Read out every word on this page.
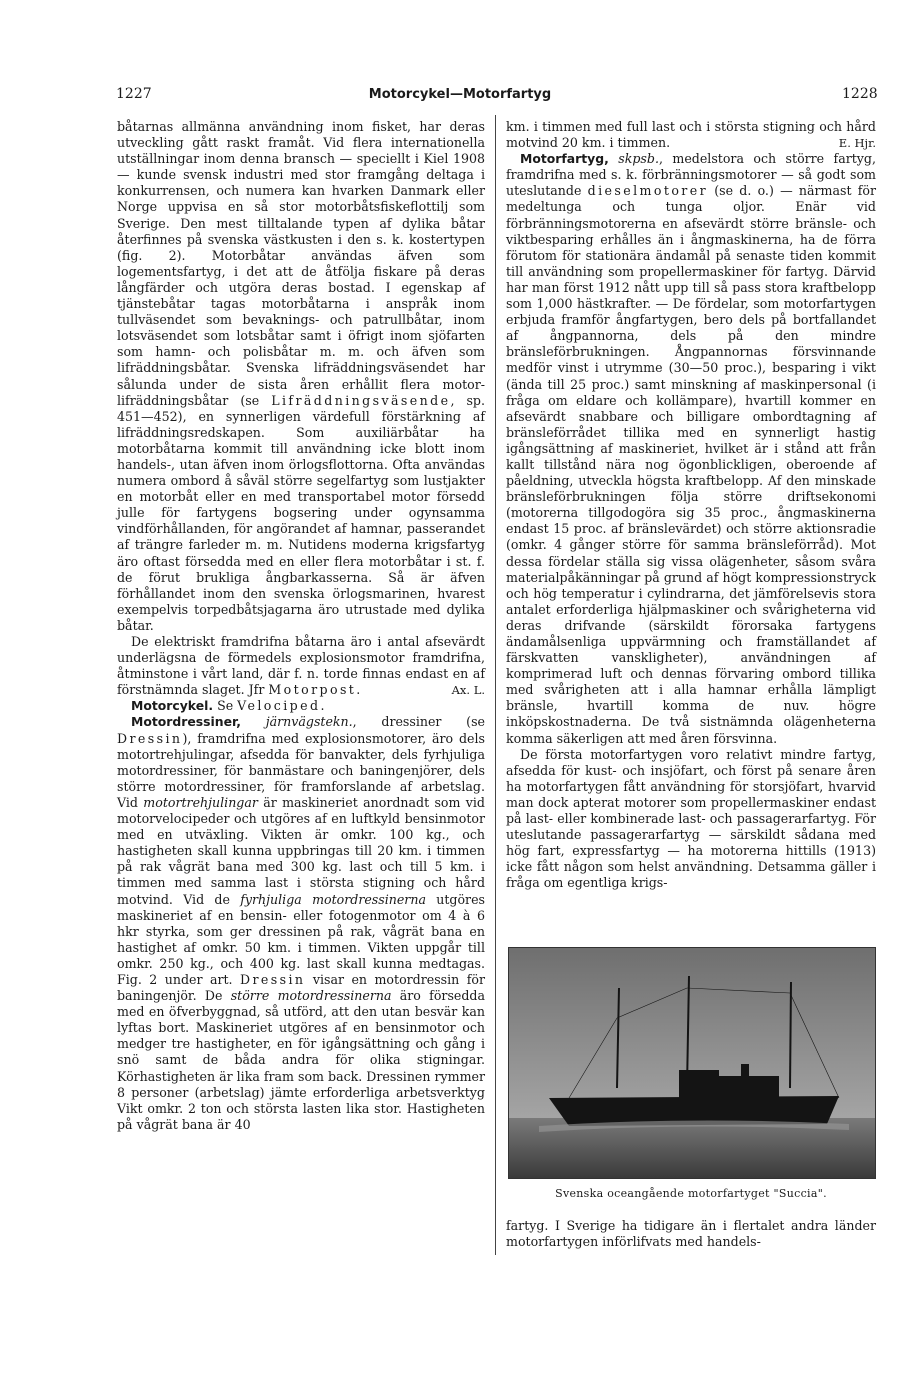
1227	Motorcykel—Motorfartyg	1228

båtarnas allmänna användning inom fisket, har deras utveckling gått raskt framåt. Vid flera internationella utställningar inom denna bransch — speciellt i Kiel 1908 — kunde svensk industri med stor framgång deltaga i konkurrensen, och numera kan hvarken Danmark eller Norge uppvisa en så stor motorbåtsfiskeflottilj som Sverige. Den mest tilltalande typen af dylika båtar återfinnes på svenska västkusten i den s. k. kostertypen (fig. 2). Motorbåtar användas äfven som logementsfartyg, i det att de åtfölja fiskare på deras långfärder och utgöra deras bostad. I egenskap af tjänstebåtar tagas motorbåtarna i anspråk inom tullväsendet som bevaknings- och patrullbåtar, inom lotsväsendet som lotsbåtar samt i öfrigt inom sjöfarten som hamn- och polisbåtar m. m. och äfven som lifräddningsbåtar. Svenska lifräddningsväsendet har sålunda under de sista åren erhållit flera motor-lifräddningsbåtar (se Lifräddningsväsende, sp. 451—452), en synnerligen värdefull förstärkning af lifräddningsredskapen. Som auxiliärbåtar ha motorbåtarna kommit till användning icke blott inom handels-, utan äfven inom örlogsflottorna. Ofta användas numera ombord å såväl större segelfartyg som lustjakter en motorbåt eller en med transportabel motor försedd julle för fartygens bogsering under ogynsamma vindförhållanden, för angörandet af hamnar, passerandet af trängre farleder m. m. Nutidens moderna krigsfartyg äro oftast försedda med en eller flera motorbåtar i st. f. de förut brukliga ångbarkasserna. Så är äfven förhållandet inom den svenska örlogsmarinen, hvarest exempelvis torpedbåtsjagarna äro utrustade med dylika båtar.

De elektriskt framdrifna båtarna äro i antal afsevärdt underlägsna de förmedels explosionsmotor framdrifna, åtminstone i vårt land, där f. n. torde finnas endast en af förstnämnda slaget. Jfr Motorpost.	Ax. L.

Motorcykel. Se Velociped.

Motordressiner, järnvägstekn., dressiner (se Dressin), framdrifna med explosionsmotorer, äro dels motortrehjulingar, afsedda för banvakter, dels fyrhjuliga motordressiner, för banmästare och baningenjörer, dels större motordressiner, för framforslande af arbetslag. Vid motortrehjulingar är maskineriet anordnadt som vid motorvelocipeder och utgöres af en luftkyld bensinmotor med en utväxling. Vikten är omkr. 100 kg., och hastigheten skall kunna uppbringas till 20 km. i timmen på rak vågrät bana med 300 kg. last och till 5 km. i timmen med samma last i största stigning och hård motvind. Vid de fyrhjuliga motordressinerna utgöres maskineriet af en bensin- eller fotogenmotor om 4 à 6 hkr styrka, som ger dressinen på rak, vågrät bana en hastighet af omkr. 50 km. i timmen. Vikten uppgår till omkr. 250 kg., och 400 kg. last skall kunna medtagas. Fig. 2 under art. Dressin visar en motordressin för baningenjör. De större motordressinerna äro försedda med en öfverbyggnad, så utförd, att den utan besvär kan lyftas bort. Maskineriet utgöres af en bensinmotor och medger tre hastigheter, en för igångsättning och gång i snö samt de båda andra för olika stigningar. Körhastigheten är lika fram som back. Dressinen rymmer 8 personer (arbetslag) jämte erforderliga arbetsverktyg Vikt omkr. 2 ton och största lasten lika stor. Hastigheten på vågrät bana är 40

km. i timmen med full last och i största stigning och hård motvind 20 km. i timmen.	E. Hjr.

Motorfartyg, skpsb., medelstora och större fartyg, framdrifna med s. k. förbränningsmotorer — så godt som uteslutande dieselmotorer (se d. o.) — närmast för medeltunga och tunga oljor. Enär vid förbränningsmotorerna en afsevärdt större bränsle- och viktbesparing erhålles än i ångmaskinerna, ha de förra förutom för stationära ändamål på senaste tiden kommit till användning som propellermaskiner för fartyg. Därvid har man först 1912 nått upp till så pass stora kraftbelopp som 1,000 hästkrafter. — De fördelar, som motorfartygen erbjuda framför ångfartygen, bero dels på bortfallandet af ångpannorna, dels på den mindre bränsleförbrukningen. Ångpannornas försvinnande medför vinst i utrymme (30—50 proc.), besparing i vikt (ända till 25 proc.) samt minskning af maskinpersonal (i fråga om eldare och kollämpare), hvartill kommer en afsevärdt snabbare och billigare ombordtagning af bränsleförrådet tillika med en synnerligt hastig igångsättning af maskineriet, hvilket är i stånd att från kallt tillstånd nära nog ögonblickligen, oberoende af påeldning, utveckla högsta kraftbelopp. Af den minskade bränsleförbrukningen följa större driftsekonomi (motorerna tillgodogöra sig 35 proc., ångmaskinerna endast 15 proc. af bränslevärdet) och större aktionsradie (omkr. 4 gånger större för samma bränsleförråd). Mot dessa fördelar ställa sig vissa olägenheter, såsom svåra materialpåkänningar på grund af högt kompressionstryck och hög temperatur i cylindrarna, det jämförelsevis stora antalet erforderliga hjälpmaskiner och svårigheterna vid deras drifvande (särskildt förorsaka fartygens ändamålsenliga uppvärmning och framställandet af färskvatten vanskligheter), användningen af komprimerad luft och dennas förvaring ombord tillika med svårigheten att i alla hamnar erhålla lämpligt bränsle, hvartill komma de nuv. högre inköpskostnaderna. De två sistnämnda olägenheterna komma säkerligen att med åren försvinna.

De första motorfartygen voro relativt mindre fartyg, afsedda för kust- och insjöfart, och först på senare åren ha motorfartygen fått användning för storsjöfart, hvarvid man dock apterat motorer som propellermaskiner endast på last- eller kombinerade last- och passagerarfartyg. För uteslutande passagerarfartyg — särskildt sådana med hög fart, expressfartyg — ha motorerna hittills (1913) icke fått någon som helst användning. Detsamma gäller i fråga om egentliga krigs-

Svenska oceangående motorfartyget "Succia".

fartyg. I Sverige ha tidigare än i flertalet andra länder motorfartygen införlifvats med handels-
